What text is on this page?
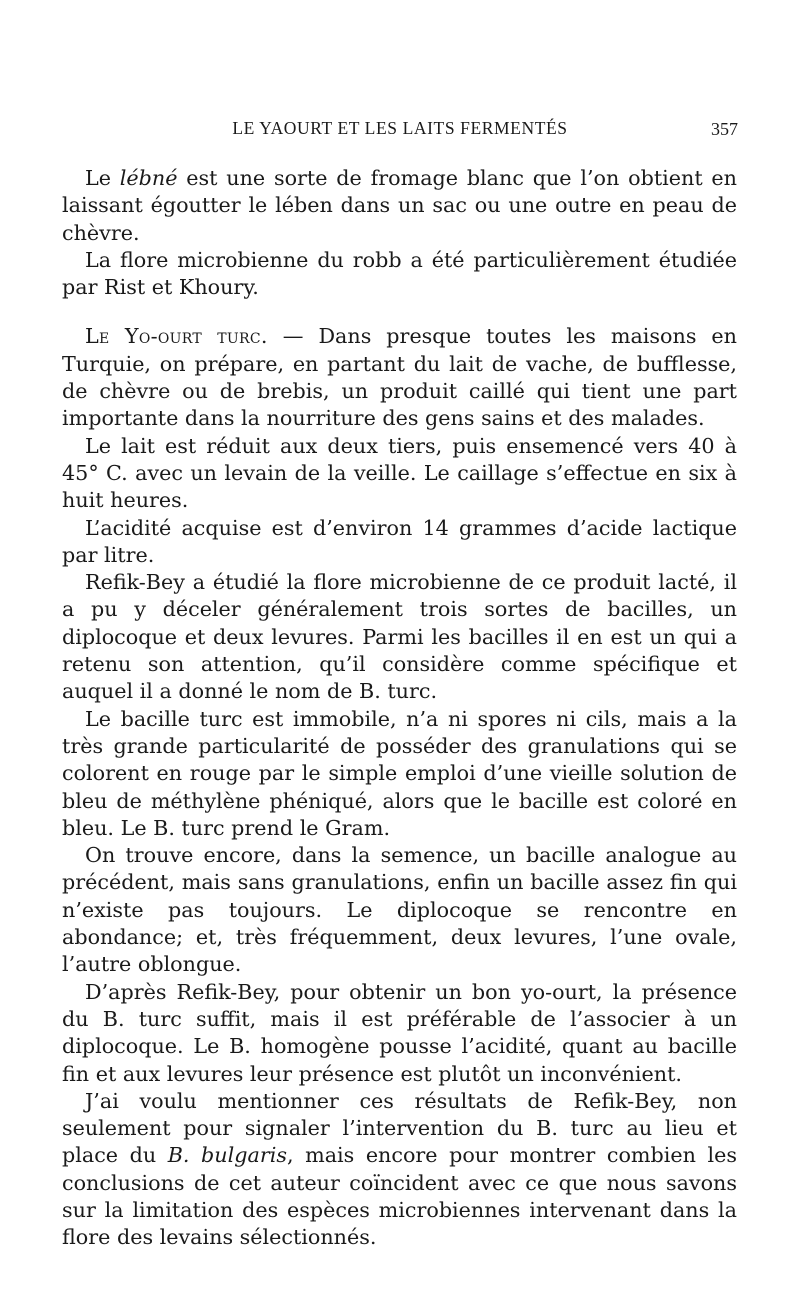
LE YAOURT ET LES LAITS FERMENTÉS	357

Le lébné est une sorte de fromage blanc que l’on obtient en laissant égoutter le lében dans un sac ou une outre en peau de chèvre.

La flore microbienne du robb a été particulièrement étudiée par Rist et Khoury.

Le Yo-ourt turc. — Dans presque toutes les maisons en Turquie, on prépare, en partant du lait de vache, de bufflesse, de chèvre ou de brebis, un produit caillé qui tient une part importante dans la nourriture des gens sains et des malades.

Le lait est réduit aux deux tiers, puis ensemencé vers 40 à 45° C. avec un levain de la veille. Le caillage s’effectue en six à huit heures.

L’acidité acquise est d’environ 14 grammes d’acide lactique par litre.

Refik-Bey a étudié la flore microbienne de ce produit lacté, il a pu y déceler généralement trois sortes de bacilles, un diplocoque et deux levures. Parmi les bacilles il en est un qui a retenu son attention, qu’il considère comme spécifique et auquel il a donné le nom de B. turc.

Le bacille turc est immobile, n’a ni spores ni cils, mais a la très grande particularité de posséder des granulations qui se colorent en rouge par le simple emploi d’une vieille solution de bleu de méthylène phéniqué, alors que le bacille est coloré en bleu. Le B. turc prend le Gram.

On trouve encore, dans la semence, un bacille analogue au précédent, mais sans granulations, enfin un bacille assez fin qui n’existe pas toujours. Le diplocoque se rencontre en abondance; et, très fréquemment, deux levures, l’une ovale, l’autre oblongue.

D’après Refik-Bey, pour obtenir un bon yo-ourt, la présence du B. turc suffit, mais il est préférable de l’associer à un diplocoque. Le B. homogène pousse l’acidité, quant au bacille fin et aux levures leur présence est plutôt un inconvénient.

J’ai voulu mentionner ces résultats de Refik-Bey, non seulement pour signaler l’intervention du B. turc au lieu et place du B. bulgaris, mais encore pour montrer combien les conclusions de cet auteur coïncident avec ce que nous savons sur la limitation des espèces microbiennes intervenant dans la flore des levains sélectionnés.
